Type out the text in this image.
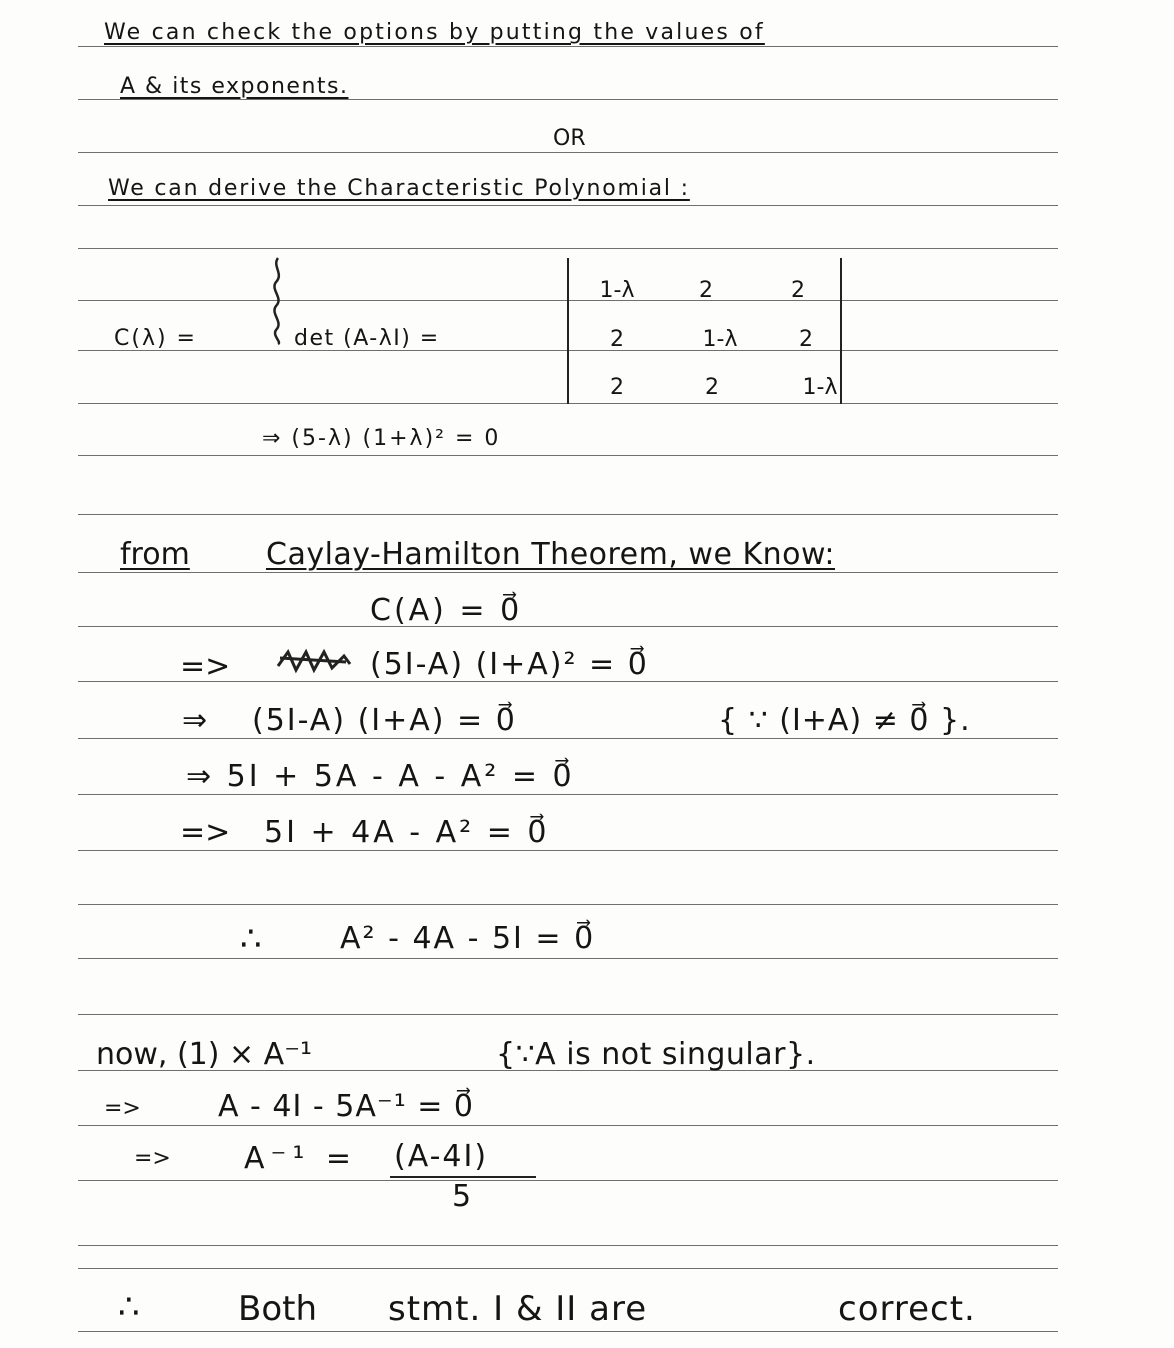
We can check the options by putting the values of
A & its exponents.
OR
We can derive the Characteristic Polynomial :
C(λ) =	det (A-λI) =
1-λ	2	2
2	1-λ	2
2	2	1-λ
⇒ (5-λ) (1+λ)² = 0
from	Caylay-Hamilton Theorem, we Know:
C(A) = 0⃗
=>	(5I-A) (I+A)² = 0⃗
⇒ (5I-A) (I+A) = 0⃗	{ ∵ (I+A) ≠ 0⃗ }.
⇒ 5I + 5A - A - A² = 0⃗
=> 5I + 4A - A² = 0⃗
∴	A² - 4A - 5I = 0⃗
now, (1) × A⁻¹	{∵A is not singular}.
=>	A - 4I - 5A⁻¹ = 0⃗
=> A⁻¹ = (A-4I)
5
∴	Both stmt. I & II are	correct.
